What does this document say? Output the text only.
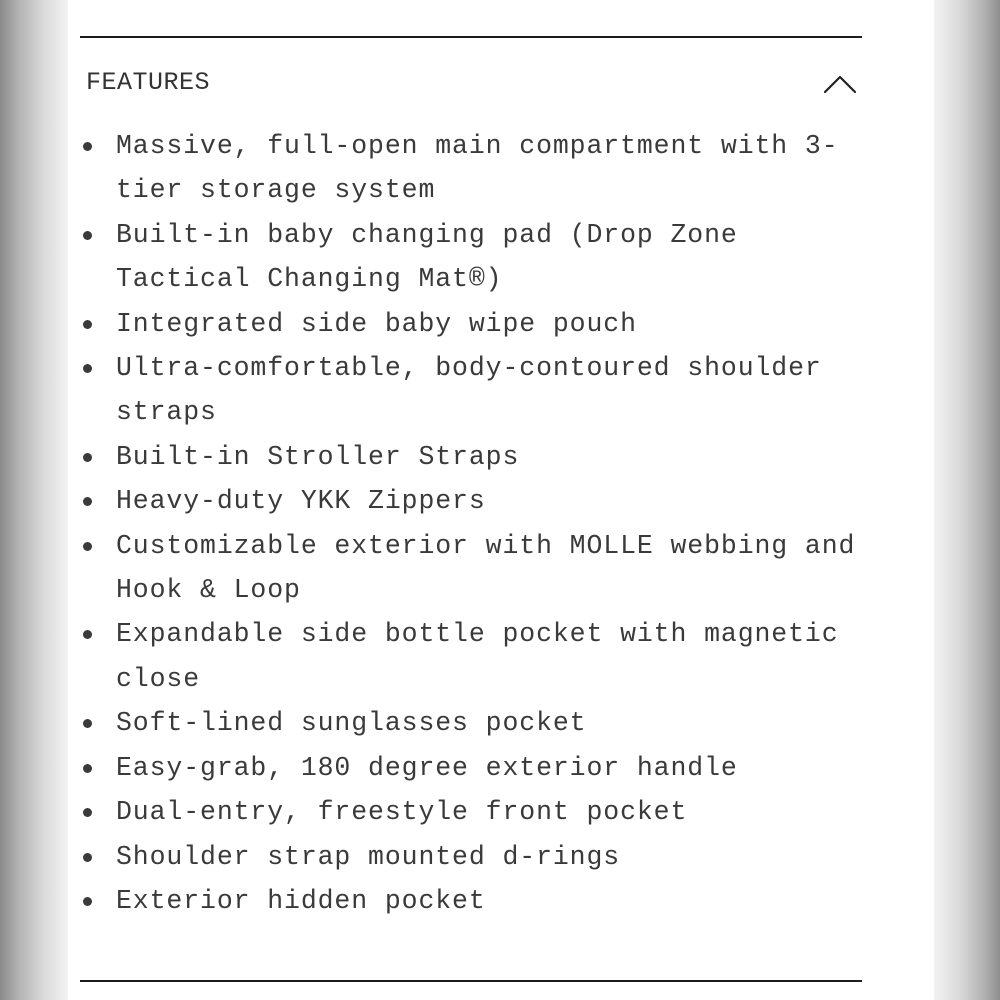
FEATURES
Massive, full-open main compartment with 3-tier storage system
Built-in baby changing pad (Drop Zone Tactical Changing Mat®)
Integrated side baby wipe pouch
Ultra-comfortable, body-contoured shoulder straps
Built-in Stroller Straps
Heavy-duty YKK Zippers
Customizable exterior with MOLLE webbing and Hook & Loop
Expandable side bottle pocket with magnetic close
Soft-lined sunglasses pocket
Easy-grab, 180 degree exterior handle
Dual-entry, freestyle front pocket
Shoulder strap mounted d-rings
Exterior hidden pocket
